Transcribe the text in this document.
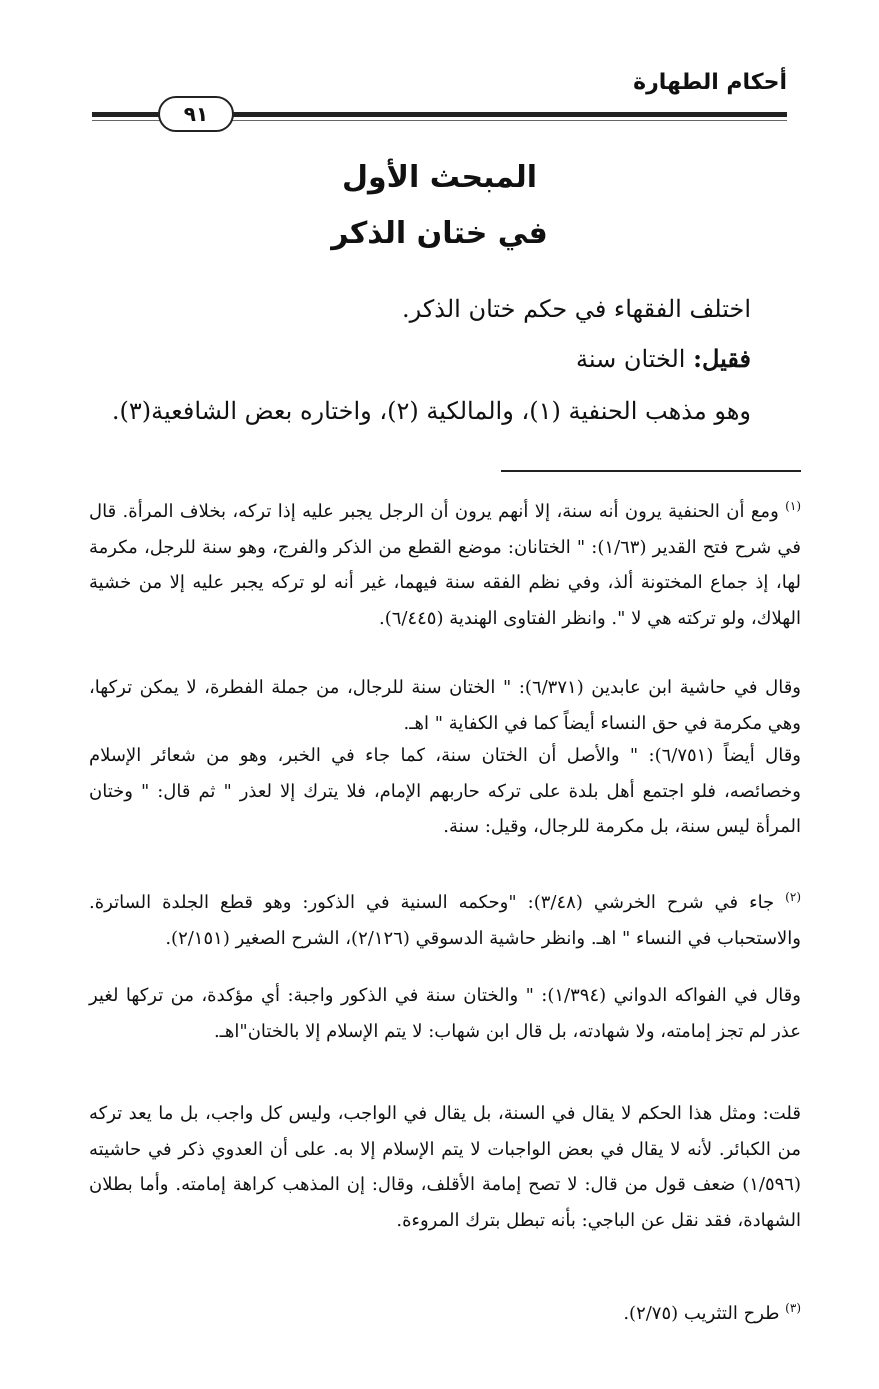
أحكام الطهارة
٩١
المبحث الأول
في ختان الذكر

اختلف الفقهاء في حكم ختان الذكر.

فقيل: الختان سنة

وهو مذهب الحنفية (١)، والمالكية (٢)، واختاره بعض الشافعية(٣).

$^{(١)}$ ومع أن الحنفية يرون أنه سنة، إلا أنهم يرون أن الرجل يجبر عليه إذا تركه، بخلاف المرأة. قال في شرح فتح القدير (١/٦٣): " الختانان: موضع القطع من الذكر والفرج، وهو سنة للرجل، مكرمة لها، إذ جماع المختونة ألذ، وفي نظم الفقه سنة فيهما، غير أنه لو تركه يجبر عليه إلا من خشية الهلاك، ولو تركته هي لا ". وانظر الفتاوى الهندية (٦/٤٤٥).

وقال في حاشية ابن عابدين (٦/٣٧١): " الختان سنة للرجال، من جملة الفطرة، لا يمكن تركها، وهي مكرمة في حق النساء أيضاً كما في الكفاية " اهـ.

وقال أيضاً (٦/٧٥١): " والأصل أن الختان سنة، كما جاء في الخبر، وهو من شعائر الإسلام وخصائصه، فلو اجتمع أهل بلدة على تركه حاربهم الإمام، فلا يترك إلا لعذر " ثم قال: " وختان المرأة ليس سنة، بل مكرمة للرجال، وقيل: سنة.

$^{(٢)}$ جاء في شرح الخرشي (٣/٤٨): "وحكمه السنية في الذكور: وهو قطع الجلدة الساترة. والاستحباب في النساء " اهـ. وانظر حاشية الدسوقي (٢/١٢٦)، الشرح الصغير (٢/١٥١).

وقال في الفواكه الدواني (١/٣٩٤): " والختان سنة في الذكور واجبة: أي مؤكدة، من تركها لغير عذر لم تجز إمامته، ولا شهادته، بل قال ابن شهاب: لا يتم الإسلام إلا بالختان"اهـ.

قلت: ومثل هذا الحكم لا يقال في السنة، بل يقال في الواجب، وليس كل واجب، بل ما يعد تركه من الكبائر. لأنه لا يقال في بعض الواجبات لا يتم الإسلام إلا به. على أن العدوي ذكر في حاشيته (١/٥٩٦) ضعف قول من قال: لا تصح إمامة الأقلف، وقال: إن المذهب كراهة إمامته. وأما بطلان الشهادة، فقد نقل عن الباجي: بأنه تبطل بترك المروءة.

$^{(٣)}$ طرح التثريب (٢/٧٥).
